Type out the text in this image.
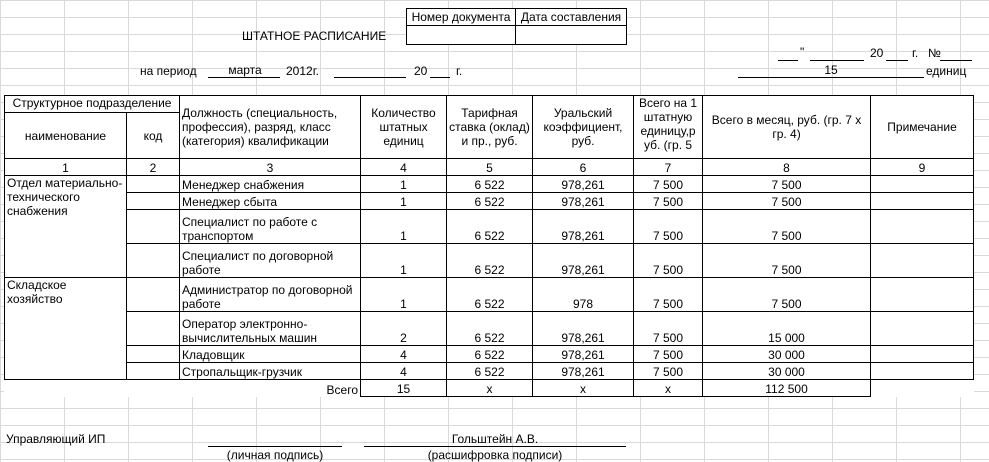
ШТАТНОЕ РАСПИСАНИЕ
Номер документа Дата составления
"	20 г. №
15	единиц
на период	марта	2012г.	20 г.
Структурное подразделение		Должность (специальность, профессия), разряд, класс (категория) квалификации	Количество штатных единиц	Тарифная ставка (оклад) и пр., руб.	Уральский коэффициент, руб.	Всего на 1 штатную единицу,р уб. (гр. 5	Всего в месяц, руб. (гр. 7 х гр. 4)	Примечание
наименование	код							
1	2	3	4	5	6	7	8	9
Отдел материально-технического снабжения		Менеджер снабжения	1	6 522	978,261	7 500	7 500	
		Менеджер сбыта	1	6 522	978,261	7 500	7 500	
		Специалист по работе с транспортом	1	6 522	978,261	7 500	7 500	
		Специалист по договорной работе	1	6 522	978,261	7 500	7 500	
Складское хозяйство		Администратор по договорной работе	1	6 522	978	7 500	7 500	
		Оператор электронно-вычислительных машин	2	6 522	978,261	7 500	15 000	
		Кладовщик	4	6 522	978,261	7 500	30 000	
		Стропальщик-грузчик	4	6 522	978,261	7 500	30 000	
		Всего	15	х	х	х	112 500	
Управляющий ИП
(личная подпись)
Гольштейн А.В.
(расшифровка подписи)
